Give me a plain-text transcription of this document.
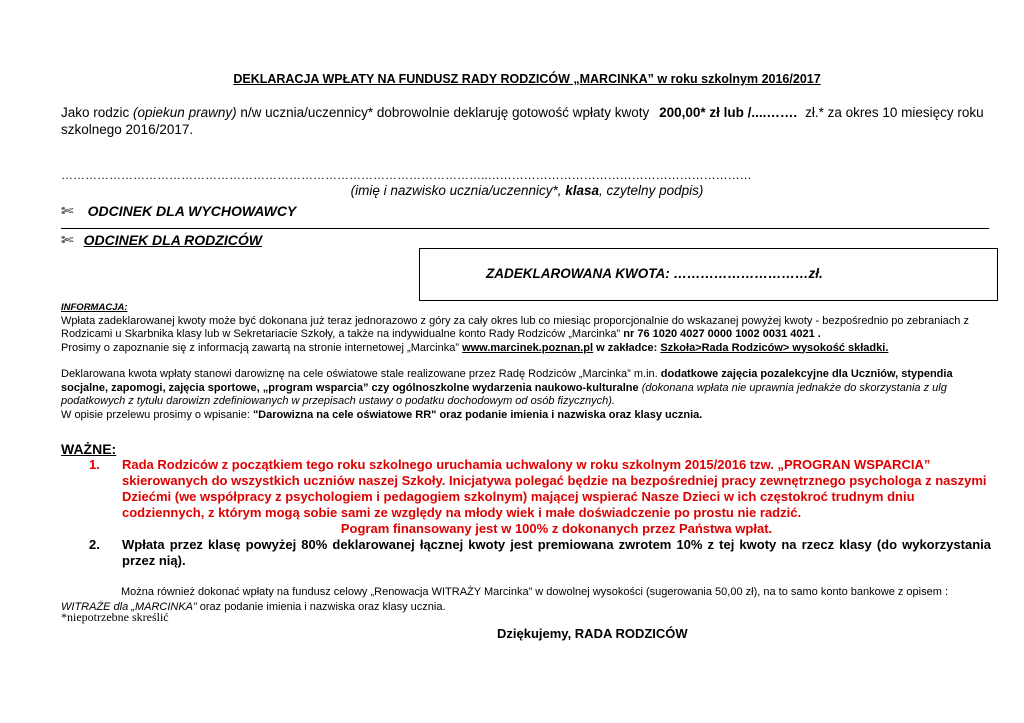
DEKLARACJA WPŁATY NA FUNDUSZ RADY RODZICÓW „MARCINKA” w roku szkolnym 2016/2017
Jako rodzic (opiekun prawny) n/w ucznia/uczennicy* dobrowolnie deklaruję gotowość wpłaty kwoty 200,00* zł lub /....……. zł.* za okres 10 miesięcy roku szkolnego 2016/2017.
……………………………………………………………………………………………..…………………………………………………………
(imię i nazwisko ucznia/uczennicy*, klasa, czytelny podpis)
✄ ODCINEK DLA WYCHOWAWCY
✄ ODCINEK DLA RODZICÓW
ZADEKLAROWANA KWOTA: …………………………zł.
INFORMACJA:
Wpłata zadeklarowanej kwoty może być dokonana już teraz jednorazowo z góry za cały okres lub co miesiąc proporcjonalnie do wskazanej powyżej kwoty - bezpośrednio po zebraniach z Rodzicami u Skarbnika klasy lub w Sekretariacie Szkoły, a także na indywidualne konto Rady Rodziców „Marcinka” nr 76 1020 4027 0000 1002 0031 4021 .
Prosimy o zapoznanie się z informacją zawartą na stronie internetowej „Marcinka” www.marcinek.poznan.pl w zakładce: Szkoła>Rada Rodziców> wysokość składki.
Deklarowana kwota wpłaty stanowi darowiznę na cele oświatowe stale realizowane przez Radę Rodziców „Marcinka” m.in. dodatkowe zajęcia pozalekcyjne dla Uczniów, stypendia socjalne, zapomogi, zajęcia sportowe, „program wsparcia” czy ogólnoszkolne wydarzenia naukowo-kulturalne (dokonana wpłata nie uprawnia jednakże do skorzystania z ulg podatkowych z tytułu darowizn zdefiniowanych w przepisach ustawy o podatku dochodowym od osób fizycznych).
W opisie przelewu prosimy o wpisanie: "Darowizna na cele oświatowe RR" oraz podanie imienia i nazwiska oraz klasy ucznia.
WAŻNE:
1. Rada Rodziców z początkiem tego roku szkolnego uruchamia uchwalony w roku szkolnym 2015/2016 tzw. „PROGRAN WSPARCIA” skierowanych do wszystkich uczniów naszej Szkoły. Inicjatywa polegać będzie na bezpośredniej pracy zewnętrznego psychologa z naszymi Dziećmi (we współpracy z psychologiem i pedagogiem szkolnym) mającej wspierać Nasze Dzieci w ich częstokroć trudnym dniu codziennych, z którym mogą sobie sami ze względy na młody wiek i małe doświadczenie po prostu nie radzić.
Pogram finansowany jest w 100% z dokonanych przez Państwa wpłat.
2. Wpłata przez klasę powyżej 80% deklarowanej łącznej kwoty jest premiowana zwrotem 10% z tej kwoty na rzecz klasy (do wykorzystania przez nią).
Można również dokonać wpłaty na fundusz celowy „Renowacja WITRAŻY Marcinka” w dowolnej wysokości (sugerowania 50,00 zł), na to samo konto bankowe z opisem : WITRAŻE dla „MARCINKA” oraz podanie imienia i nazwiska oraz klasy ucznia.
*niepotrzebne skreślić
Dziękujemy, RADA RODZICÓW
